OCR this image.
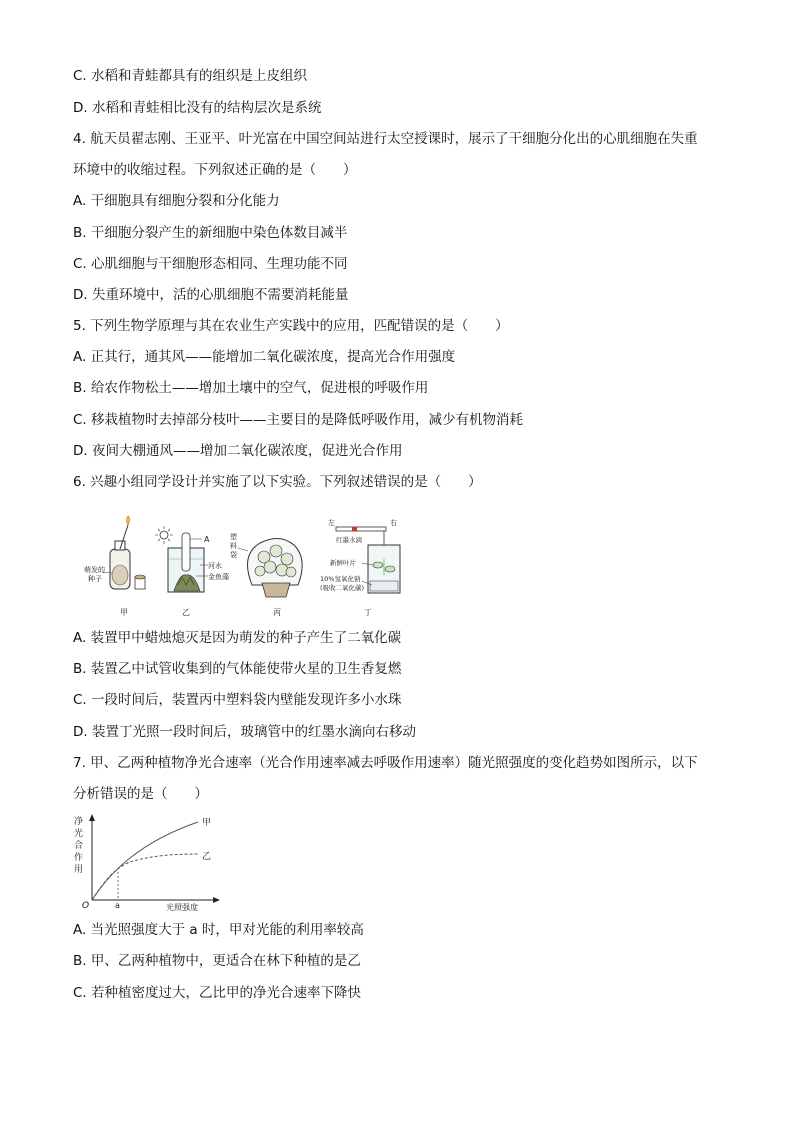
C. 水稻和青蛙都具有的组织是上皮组织
D. 水稻和青蛙相比没有的结构层次是系统
4. 航天员翟志刚、王亚平、叶光富在中国空间站进行太空授课时，展示了干细胞分化出的心肌细胞在失重
环境中的收缩过程。下列叙述正确的是（　　）
A. 干细胞具有细胞分裂和分化能力
B. 干细胞分裂产生的新细胞中染色体数目减半
C. 心肌细胞与干细胞形态相同、生理功能不同
D. 失重环境中，活的心肌细胞不需要消耗能量
5. 下列生物学原理与其在农业生产实践中的应用，匹配错误的是（　　）
A. 正其行，通其风——能增加二氧化碳浓度，提高光合作用强度
B. 给农作物松土——增加土壤中的空气，促进根的呼吸作用
C. 移栽植物时去掉部分枝叶——主要目的是降低呼吸作用，减少有机物消耗
D. 夜间大棚通风——增加二氧化碳浓度，促进光合作用
6. 兴趣小组同学设计并实施了以下实验。下列叙述错误的是（　　）
萌发的
种子
甲
A
河水
金鱼藻
乙
塑
料
袋
丙
左	右
红墨水滴
新鲜叶片
10%氢氧化钠
(吸收二氧化碳)
丁
A. 装置甲中蜡烛熄灭是因为萌发的种子产生了二氧化碳
B. 装置乙中试管收集到的气体能使带火星的卫生香复燃
C. 一段时间后，装置丙中塑料袋内壁能发现许多小水珠
D. 装置丁光照一段时间后，玻璃管中的红墨水滴向右移动
7. 甲、乙两种植物净光合速率（光合作用速率减去呼吸作用速率）随光照强度的变化趋势如图所示，以下
分析错误的是（　　）
净
光
合
作
用
O	光照强度
a
甲
乙
A. 当光照强度大于 a 时，甲对光能的利用率较高
B. 甲、乙两种植物中，更适合在林下种植的是乙
C. 若种植密度过大，乙比甲的净光合速率下降快
